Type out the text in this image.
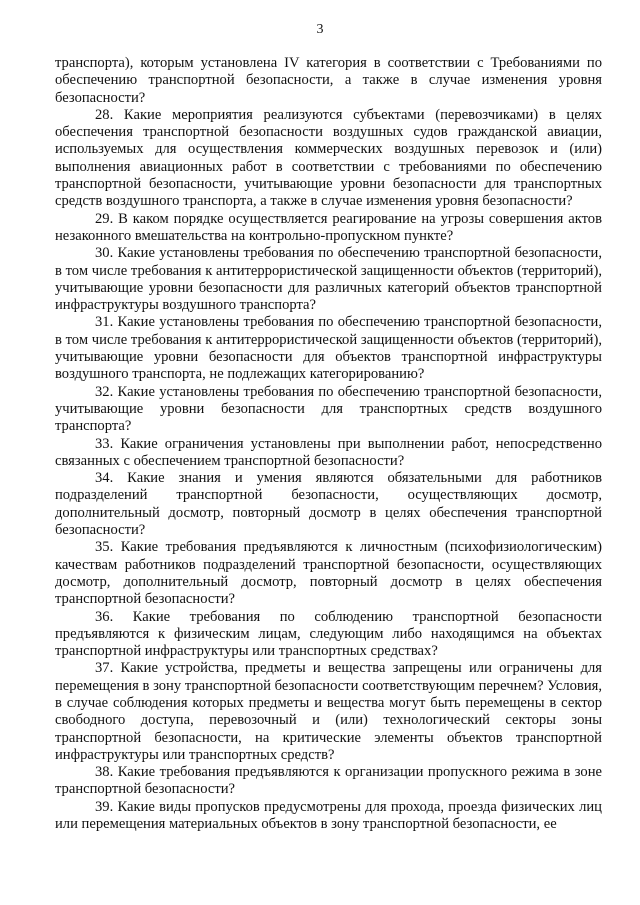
3

транспорта), которым установлена IV категория в соответствии с Требованиями по обеспечению транспортной безопасности, а также в случае изменения уровня безопасности?

28. Какие мероприятия реализуются субъектами (перевозчиками) в целях обеспечения транспортной безопасности воздушных судов гражданской авиации, используемых для осуществления коммерческих воздушных перевозок и (или) выполнения авиационных работ в соответствии с требованиями по обеспечению транспортной безопасности, учитывающие уровни безопасности для транспортных средств воздушного транспорта, а также в случае изменения уровня безопасности?

29. В каком порядке осуществляется реагирование на угрозы совершения актов незаконного вмешательства на контрольно-пропускном пункте?

30. Какие установлены требования по обеспечению транспортной безопасности, в том числе требования к антитеррористической защищенности объектов (территорий), учитывающие уровни безопасности для различных категорий объектов транспортной инфраструктуры воздушного транспорта?

31. Какие установлены требования по обеспечению транспортной безопасности, в том числе требования к антитеррористической защищенности объектов (территорий), учитывающие уровни безопасности для объектов транспортной инфраструктуры воздушного транспорта, не подлежащих категорированию?

32. Какие установлены требования по обеспечению транспортной безопасности, учитывающие уровни безопасности для транспортных средств воздушного транспорта?

33. Какие ограничения установлены при выполнении работ, непосредственно связанных с обеспечением транспортной безопасности?

34. Какие знания и умения являются обязательными для работников подразделений транспортной безопасности, осуществляющих досмотр, дополнительный досмотр, повторный досмотр в целях обеспечения транспортной безопасности?

35. Какие требования предъявляются к личностным (психофизиологическим) качествам работников подразделений транспортной безопасности, осуществляющих досмотр, дополнительный досмотр, повторный досмотр в целях обеспечения транспортной безопасности?

36. Какие требования по соблюдению транспортной безопасности предъявляются к физическим лицам, следующим либо находящимся на объектах транспортной инфраструктуры или транспортных средствах?

37. Какие устройства, предметы и вещества запрещены или ограничены для перемещения в зону транспортной безопасности соответствующим перечнем? Условия, в случае соблюдения которых предметы и вещества могут быть перемещены в сектор свободного доступа, перевозочный и (или) технологический секторы зоны транспортной безопасности, на критические элементы объектов транспортной инфраструктуры или транспортных средств?

38. Какие требования предъявляются к организации пропускного режима в зоне транспортной безопасности?

39. Какие виды пропусков предусмотрены для прохода, проезда физических лиц или перемещения материальных объектов в зону транспортной безопасности, ее
